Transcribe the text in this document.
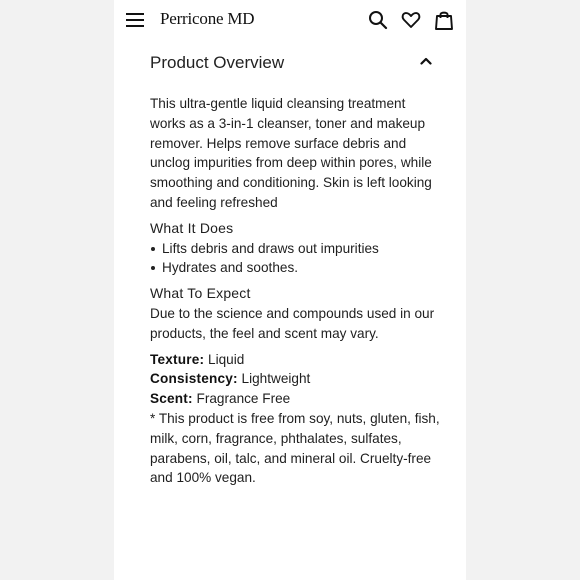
Perricone MD
Product Overview

This ultra-gentle liquid cleansing treatment works as a 3-in-1 cleanser, toner and makeup remover. Helps remove surface debris and unclog impurities from deep within pores, while smoothing and conditioning. Skin is left looking and feeling refreshed

What It Does

Lifts debris and draws out impurities
Hydrates and soothes.

What To Expect

Due to the science and compounds used in our products, the feel and scent may vary.

Texture: Liquid

Consistency: Lightweight

Scent: Fragrance Free

* This product is free from soy, nuts, gluten, fish, milk, corn, fragrance, phthalates, sulfates, parabens, oil, talc, and mineral oil. Cruelty-free and 100% vegan.
